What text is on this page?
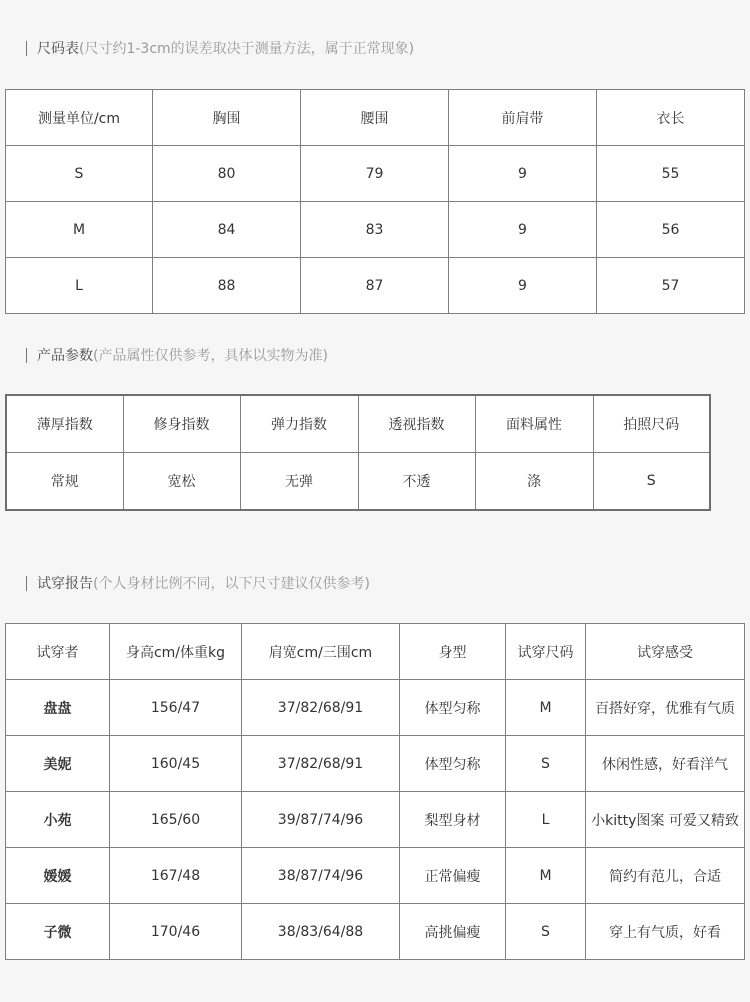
尺码表 (尺寸约1-3cm的误差取决于测量方法，属于正常现象)
测量单位/cm	胸围	腰围	前肩带	衣长
S	80	79	9	55
M	84	83	9	56
L	88	87	9	57
产品参数 (产品属性仅供参考，具体以实物为准)
薄厚指数	修身指数	弹力指数	透视指数	面料属性	拍照尺码
常规	宽松	无弹	不透	涤	S
试穿报告 (个人身材比例不同，以下尺寸建议仅供参考)
试穿者	身高cm/体重kg	肩宽cm/三围cm	身型	试穿尺码	试穿感受
盘盘	156/47	37/82/68/91	体型匀称	M	百搭好穿，优雅有气质
美妮	160/45	37/82/68/91	体型匀称	S	休闲性感，好看洋气
小苑	165/60	39/87/74/96	梨型身材	L	小kitty图案 可爱又精致
媛媛	167/48	38/87/74/96	正常偏瘦	M	简约有范儿，合适
子微	170/46	38/83/64/88	高挑偏瘦	S	穿上有气质，好看
